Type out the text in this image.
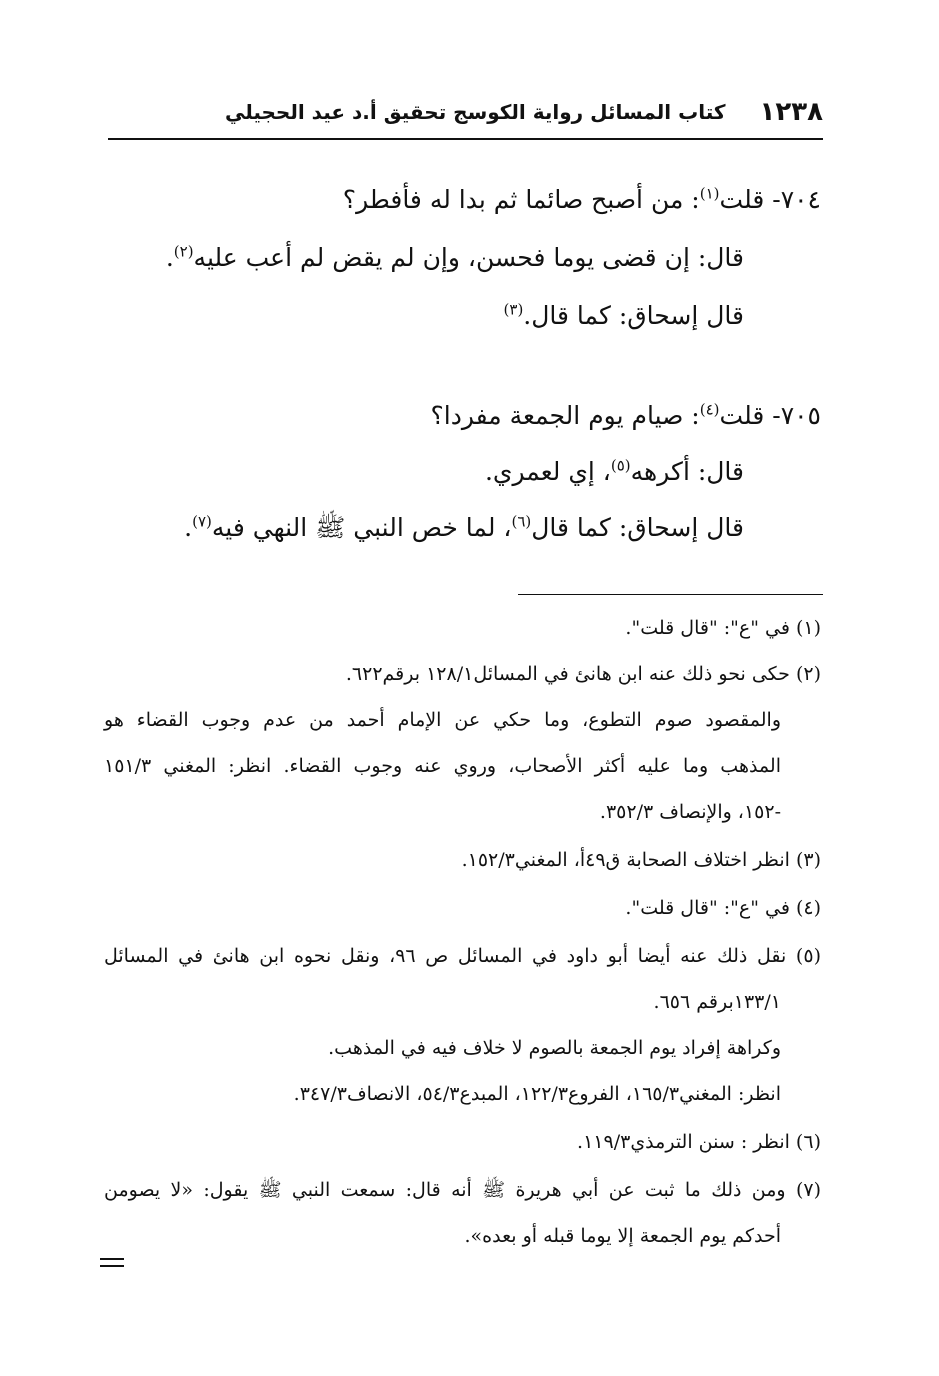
١٢٣٨
كتاب المسائل رواية الكوسج تحقيق أ.د عيد الحجيلي
٧٠٤- قلت$^{(١)}$: من أصبح صائما ثم بدا له فأفطر؟
قال: إن قضى يوما فحسن، وإن لم يقض لم أعب عليه$^{(٢)}$.
قال إسحاق: كما قال.$^{(٣)}$
٧٠٥- قلت$^{(٤)}$: صيام يوم الجمعة مفردا؟
قال: أكرهه$^{(٥)}$، إي لعمري.
قال إسحاق: كما قال$^{(٦)}$، لما خص النبي ﷺ النهي فيه$^{(٧)}$.
(١) في "ع": "قال قلت".
(٢) حكى نحو ذلك عنه ابن هانئ في المسائل١٢٨/١ برقم٦٢٢.
والمقصود صوم التطوع، وما حكي عن الإمام أحمد من عدم وجوب القضاء هو
المذهب وما عليه أكثر الأصحاب، وروي عنه وجوب القضاء. انظر: المغني ١٥١/٣
-١٥٢، والإنصاف ٣٥٢/٣.
(٣) انظر اختلاف الصحابة ق٤٩أ، المغني١٥٢/٣.
(٤) في "ع": "قال قلت".
(٥) نقل ذلك عنه أيضا أبو داود في المسائل ص ٩٦، ونقل نحوه ابن هانئ في المسائل
١٣٣/١برقم ٦٥٦.
وكراهة إفراد يوم الجمعة بالصوم لا خلاف فيه في المذهب.
انظر: المغني١٦٥/٣، الفروع١٢٢/٣، المبدع٥٤/٣، الانصاف٣٤٧/٣.
(٦) انظر : سنن الترمذي١١٩/٣.
(٧) ومن ذلك ما ثبت عن أبي هريرة ﷺ أنه قال: سمعت النبي ﷺ يقول: «لا يصومن
أحدكم يوم الجمعة إلا يوما قبله أو بعده».
